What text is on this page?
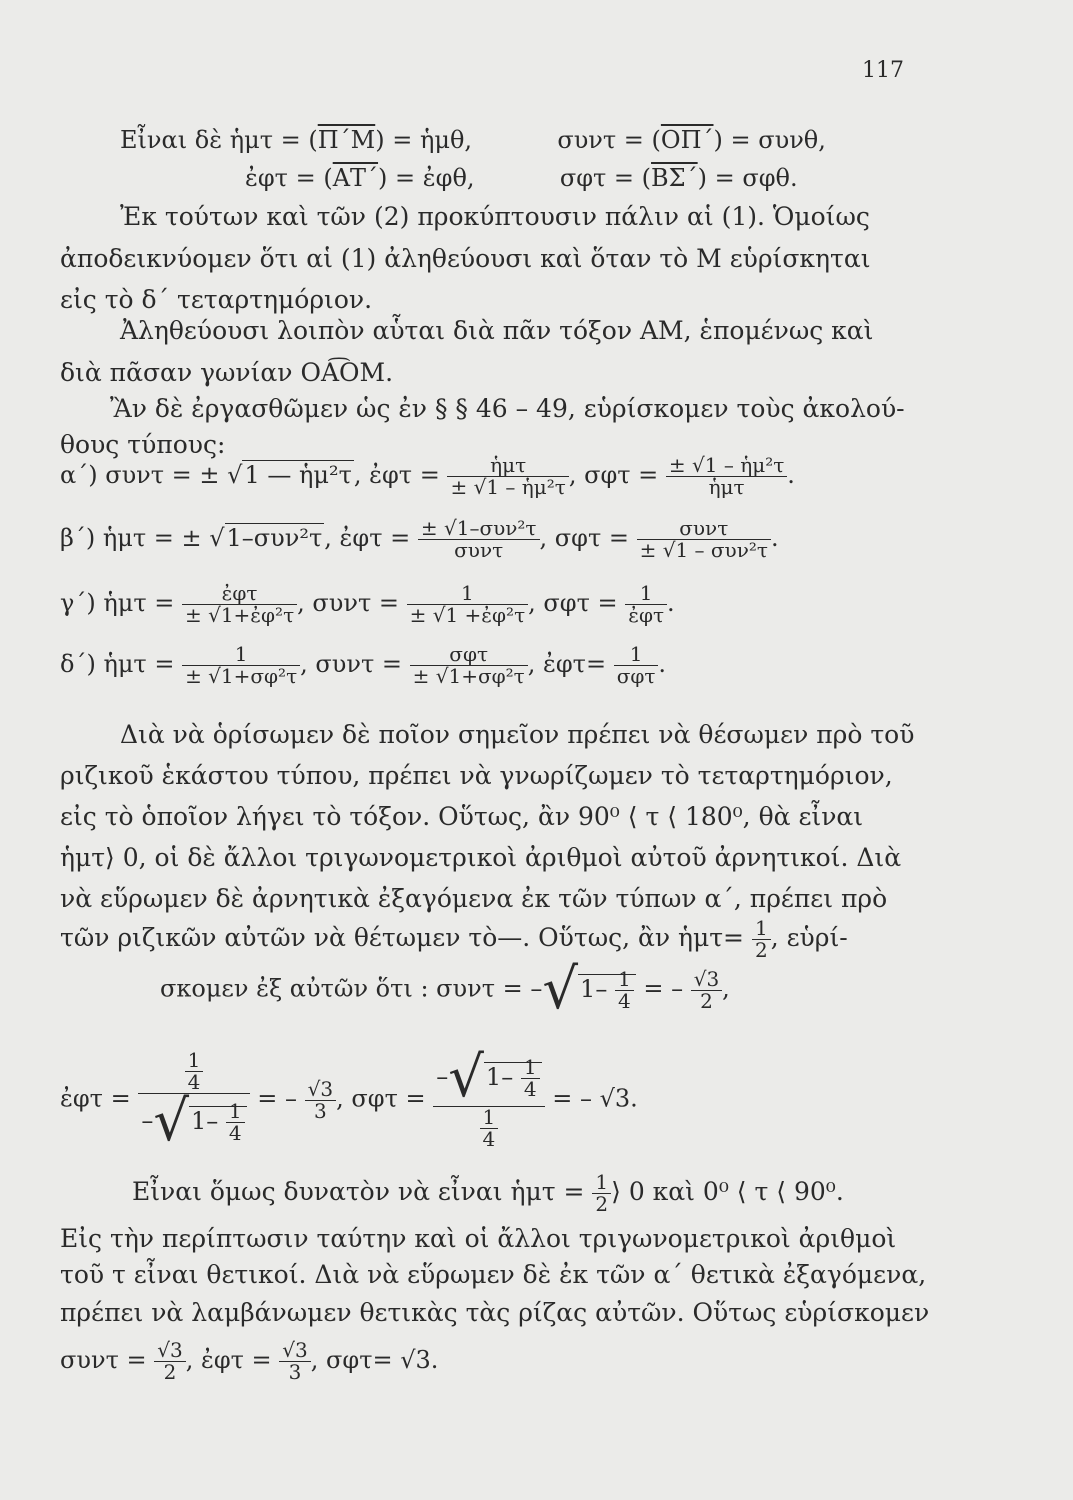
117
Εἶναι δὲ ἡμτ = $(\overline{\Pi΄M})$ = ἡμθ,	$\sigma\upsilon\nu\tau = (\overline{O\Pi΄}) = \sigma\upsilon\nu\theta$,
ἐφτ = $(\overline{AT΄})$ = ἐφθ,	$\sigma\varphi\tau = (\overline{B\Sigma΄}) = \sigma\varphi\theta$.
Ἐκ τούτων καὶ τῶν (2) προκύπτουσιν πάλιν αἱ (1). Ὁμοίως
ἀποδεικνύομεν ὅτι αἱ (1) ἀληθεύουσι καὶ ὅταν τὸ Μ εὑρίσκηται
εἰς τὸ δ΄ τεταρτημόριον.
Ἀληθεύουσι λοιπὸν αὗται διὰ πᾶν τόξον ΑΜ, ἑπομένως καὶ
διὰ πᾶσαν γωνίαν ΟΑ͡ΟΜ.
Ἂν δὲ ἐργασθῶμεν ὡς ἐν § § 46 – 49, εὑρίσκομεν τοὺς ἀκολού-
θους τύπους:
α΄) συντ = ± √1 — ἡμ²τ, ἐφτ =	ἡμτ
± √1 – ἡμ²τ , σφτ = ± √1 – ἡμ²τ
ἡμτ	.
β΄) ἡμτ = ± √1–συν²τ, ἐφτ = ± √1–συν²τ
συντ	, σφτ =	συντ
± √1 – συν²τ .
γ΄) ἡμτ =	ἐφτ
± √1+ἐφ²τ , $\sigma\upsilon\nu\tau = \frac{1}{\text{± √1 +ἐφ²τ}}$ , σφτ = 1
ἐφτ .
δ΄) ἡμτ = $\frac{1}{\text{± √1+σφ²τ}}$ , συντ =	σφτ
± √1+σφ²τ , ἐφτ= 1
σφτ .
Διὰ νὰ ὁρίσωμεν δὲ ποῖον σημεῖον πρέπει νὰ θέσωμεν πρὸ τοῦ
ριζικοῦ ἑκάστου τύπου, πρέπει νὰ γνωρίζωμεν τὸ τεταρτημόριον,
εἰς τὸ ὁποῖον λήγει τὸ τόξον. Οὕτως, ἂν 90⁰ ⟨ τ ⟨ 180⁰, θὰ εἶναι
ἡμτ⟩ 0, οἱ δὲ ἄλλοι τριγωνομετρικοὶ ἀριθμοὶ αὐτοῦ ἀρνητικοί. Διὰ
νὰ εὕρωμεν δὲ ἀρνητικὰ ἐξαγόμενα ἐκ τῶν τύπων α΄, πρέπει πρὸ
τῶν ριζικῶν αὐτῶν νὰ θέτωμεν τὸ—. Οὕτως, ἂν ἡμτ= $\frac{1}{2}$ , εὑρί-
σκομεν ἐξ αὐτῶν ὅτι : $\sigma\upsilon\nu\tau = -√1- \frac{1}{4}$ = – $\frac{√3}{2}$ ,
ἐφτ = $\frac{\frac{1}{4}}{-√1- \frac{1}{4}}$ = – $\frac{√3}{3}$ , $\sigma\varphi\tau = \frac{-√1- \frac{1}{4}}{\frac{1}{4}}$ = – √3.
Εἶναι ὅμως δυνατὸν νὰ εἶναι ἡμτ = $\frac{1}{2}$ ⟩ 0 καὶ 0⁰ ⟨ τ ⟨ 90⁰.
Εἰς τὴν περίπτωσιν ταύτην καὶ οἱ ἄλλοι τριγωνομετρικοὶ ἀριθμοὶ
τοῦ τ εἶναι θετικοί. Διὰ νὰ εὕρωμεν δὲ ἐκ τῶν α΄ θετικὰ ἐξαγόμενα,
πρέπει νὰ λαμβάνωμεν θετικὰς τὰς ρίζας αὐτῶν. Οὕτως εὑρίσκομεν
$\sigma\upsilon\nu\tau = \frac{√3}{2}$ , ἐφτ = $\frac{√3}{3}$ , σφτ= √3.
